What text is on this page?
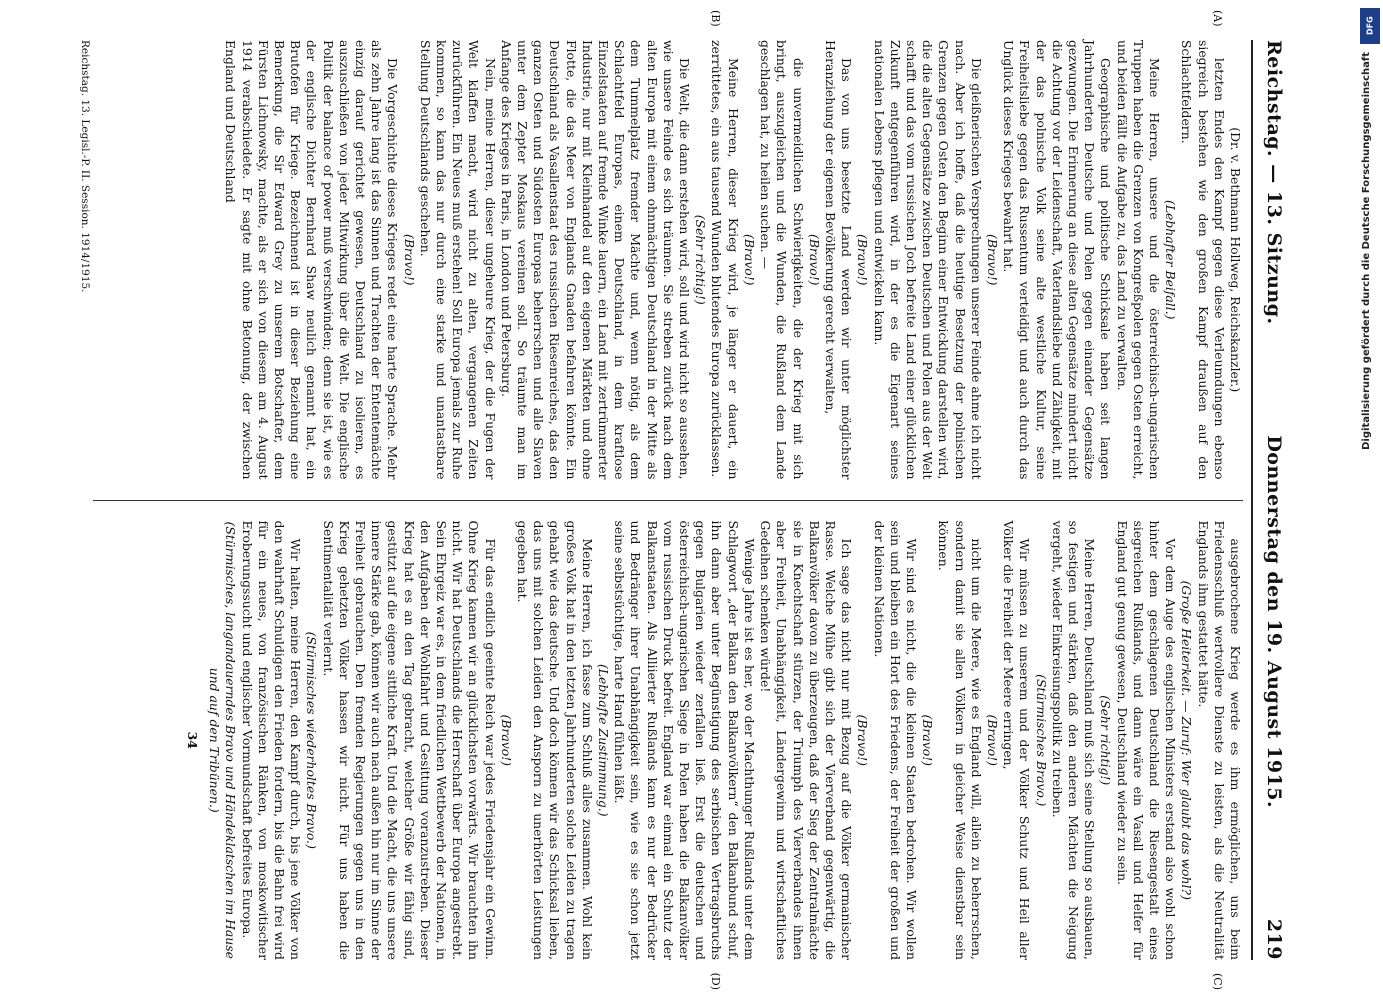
Reichstag. — 13. Sitzung.
Donnerstag den 19. August 1915.
219
(A)
(B)

(Dr. v. Bethmann Hollweg, Reichskanzler.)

letzten Endes den Kampf gegen diese Verleumdungen ebenso siegreich bestehen wie den großen Kampf draußen auf den Schlachtfeldern.

(Lebhafter Beifall.)

Meine Herren, unsere und die österreichisch-ungarischen Truppen haben die Grenzen von Kongreßpolen gegen Osten erreicht, und beiden fällt die Aufgabe zu, das Land zu verwalten.

Geographische und politische Schicksale haben seit langen Jahrhunderten Deutsche und Polen gegen einander Gegensätze gezwungen. Die Erinnerung an diese alten Gegensätze mindert nicht die Achtung vor der Leidenschaft, Vaterlandsliebe und Zähigkeit, mit der das polnische Volk seine alte westliche Kultur, seine Freiheitsliebe gegen das Russentum verteidigt und auch durch das Unglück dieses Krieges bewahrt hat.

(Bravo!)

Die gleißnerischen Versprechungen unserer Feinde ahme ich nicht nach. Aber ich hoffe, daß die heutige Besetzung der polnischen Grenzen gegen Osten den Beginn einer Entwicklung darstellen wird, die die alten Gegensätze zwischen Deutschen und Polen aus der Welt schafft und das vom russischen Joch befreite Land einer glücklichen Zukunft entgegenführen wird, in der es die Eigenart seines nationalen Lebens pflegen und entwickeln kann.

(Bravo!)

Das von uns besetzte Land werden wir unter möglichster Heranziehung der eigenen Bevölkerung gerecht verwalten,

(Bravo!)

die unvermeidlichen Schwierigkeiten, die der Krieg mit sich bringt, auszugleichen und die Wunden, die Rußland dem Lande geschlagen hat, zu heilen suchen. —

(Bravo!)

Meine Herren, dieser Krieg wird, je länger er dauert, ein zerrüttetes, ein aus tausend Wunden blutendes Europa zurücklassen.

(Sehr richtig!)

Die Welt, die dann erstehen wird, soll und wird nicht so aussehen, wie unsere Feinde es sich träumen. Sie streben zurück nach dem alten Europa mit einem ohnmächtigen Deutschland in der Mitte als dem Tummelplatz fremder Mächte und, wenn nötig, als dem Schlachtfeld Europas, einem Deutschland, in dem kraftlose Einzelstaaten auf fremde Winke lauern, ein Land mit zertrümmerter Industrie, nur mit Kleinhandel auf den eigenen Märkten und ohne Flotte, die das Meer von Englands Gnaden befahren könnte. Ein Deutschland als Vasallenstaat des russischen Riesenreiches, das den ganzen Osten und Südosten Europas beherrschen und alle Slaven unter dem Zepter Moskaus vereinen soll. So träumte man im Anfange des Krieges in Paris, in London und Petersburg.

Nein, meine Herren, dieser ungeheure Krieg, der die Fugen der Welt klaffen macht, wird nicht zu alten, vergangenen Zeiten zurückführen. Ein Neues muß erstehen! Soll Europa jemals zur Ruhe kommen, so kann das nur durch eine starke und unantastbare Stellung Deutschlands geschehen.

(Bravo!)

Die Vorgeschichte dieses Krieges redet eine harte Sprache. Mehr als zehn Jahre lang ist das Sinnen und Trachten der Ententemächte einzig darauf gerichtet gewesen, Deutschland zu isolieren, es auszuschließen von jeder Mitwirkung über die Welt. Die englische Politik der balance of power muß verschwinden; denn sie ist, wie es der englische Dichter Bernhard Shaw neulich genannt hat, ein Brutofen für Kriege. Bezeichnend ist in dieser Beziehung eine Bemerkung, die Sir Edward Grey zu unserem Botschafter, dem Fürsten Lichnowsky, machte, als er sich von diesem am 4. August 1914 verabschiedete. Er sagte mit ohne Betonung, der zwischen England und Deutschland

(C)
(D)

ausgebrochene Krieg werde es ihm ermöglichen, uns beim Friedensschluß wertvollere Dienste zu leisten, als die Neutralität Englands ihm gestattet hätte.

(Große Heiterkeit. — Zuruf: Wer glaubt das wohl?)

Vor dem Auge des englischen Ministers erstand also wohl schon hinter dem geschlagenen Deutschland die Riesengestalt eines siegreichen Rußlands, und dann wäre ein Vasall und Helfer für England gut genug gewesen, Deutschland wieder zu sein.

(Sehr richtig!)

Meine Herren, Deutschland muß sich seine Stellung so ausbauen, so festigen und stärken, daß den anderen Mächten die Neigung vergeht, wieder Einkreisungspolitik zu treiben.

(Stürmisches Bravo.)

Wir müssen zu unserem und der Völker Schutz und Heil aller Völker die Freiheit der Meere erringen,

(Bravo!)

nicht um die Meere, wie es England will, allein zu beherrschen, sondern damit sie allen Völkern in gleicher Weise dienstbar sein können.

(Bravo!)

Wir sind es nicht, die die kleinen Staaten bedrohen. Wir wollen sein und bleiben ein Hort des Friedens, der Freiheit der großen und der kleinen Nationen.

(Bravo!)

Ich sage das nicht nur mit Bezug auf die Völker germanischer Rasse. Welche Mühe gibt sich der Vierverband gegenwärtig, die Balkanvölker davon zu überzeugen, daß der Sieg der Zentralmächte sie in Knechtschaft stürzen, der Triumph des Vierverbandes ihnen aber Freiheit, Unabhängigkeit, Ländergewinn und wirtschaftliches Gedeihen schenken würde!

Wenige Jahre ist es her, wo der Machthunger Rußlands unter dem Schlagwort „der Balkan den Balkanvölkern“ den Balkanbund schuf, ihn dann aber unter Begünstigung des serbischen Vertragsbruchs gegen Bulgarien wieder zerfallen ließ. Erst die deutschen und österreichisch-ungarischen Siege in Polen haben die Balkanvölker vom russischen Druck befreit. England war einmal ein Schutz der Balkanstaaten. Als Alliierter Rußlands kann es nur der Bedrücker und Bedränger ihrer Unabhängigkeit sein, wie es sie schon jetzt seine selbstsüchtige, harte Hand fühlen läßt.

(Lebhafte Zustimmung.)

Meine Herren, ich fasse zum Schluß alles zusammen. Wohl kein großes Volk hat in den letzten Jahrhunderten solche Leiden zu tragen gehabt wie das deutsche. Und doch können wir das Schicksal lieben, das uns mit solchen Leiden den Ansporn zu unerhörten Leistungen gegeben hat.

(Bravo!)

Für das endlich geeinte Reich war jedes Friedensjahr ein Gewinn. Ohne Krieg kamen wir an glücklichsten vorwärts. Wir brauchten ihn nicht. Wir hat Deutschlands die Herrschaft über Europa angestrebt. Sein Ehrgeiz war es, in dem friedlichen Wettbewerb der Nationen, in den Aufgaben der Wohlfahrt und Gesittung voranzustreben. Dieser Krieg hat es an den Tag gebracht, welcher Größe wir fähig sind, gestützt auf die eigene sittliche Kraft. Und die Macht, die uns unsere innere Stärke gab, können wir auch nach außen hin nur im Sinne der Freiheit gebrauchen. Den fremden Regierungen gegen uns in den Krieg gehetzten Völker hassen wir nicht. Für uns haben die Sentimentalität verlernt.

(Stürmisches wiederholtes Bravo.)

Wir halten, meine Herren, den Kampf durch, bis jene Völker von den wahrhaft Schuldigen den Frieden fordern, bis die Bahn frei wird für ein neues, von französischen Ränken, von moskowitischer Eroberungssucht und englischer Vormundschaft befreites Europa.

(Stürmisches, langandauerndes Bravo und Händeklatschen im Hause und auf den Tribünen.)

34

Reichstag. 13. Legisl.-P. II. Session. 1914/1915.
DFG
Digitalisierung gefördert durch die Deutsche Forschungsgemeinschaft
